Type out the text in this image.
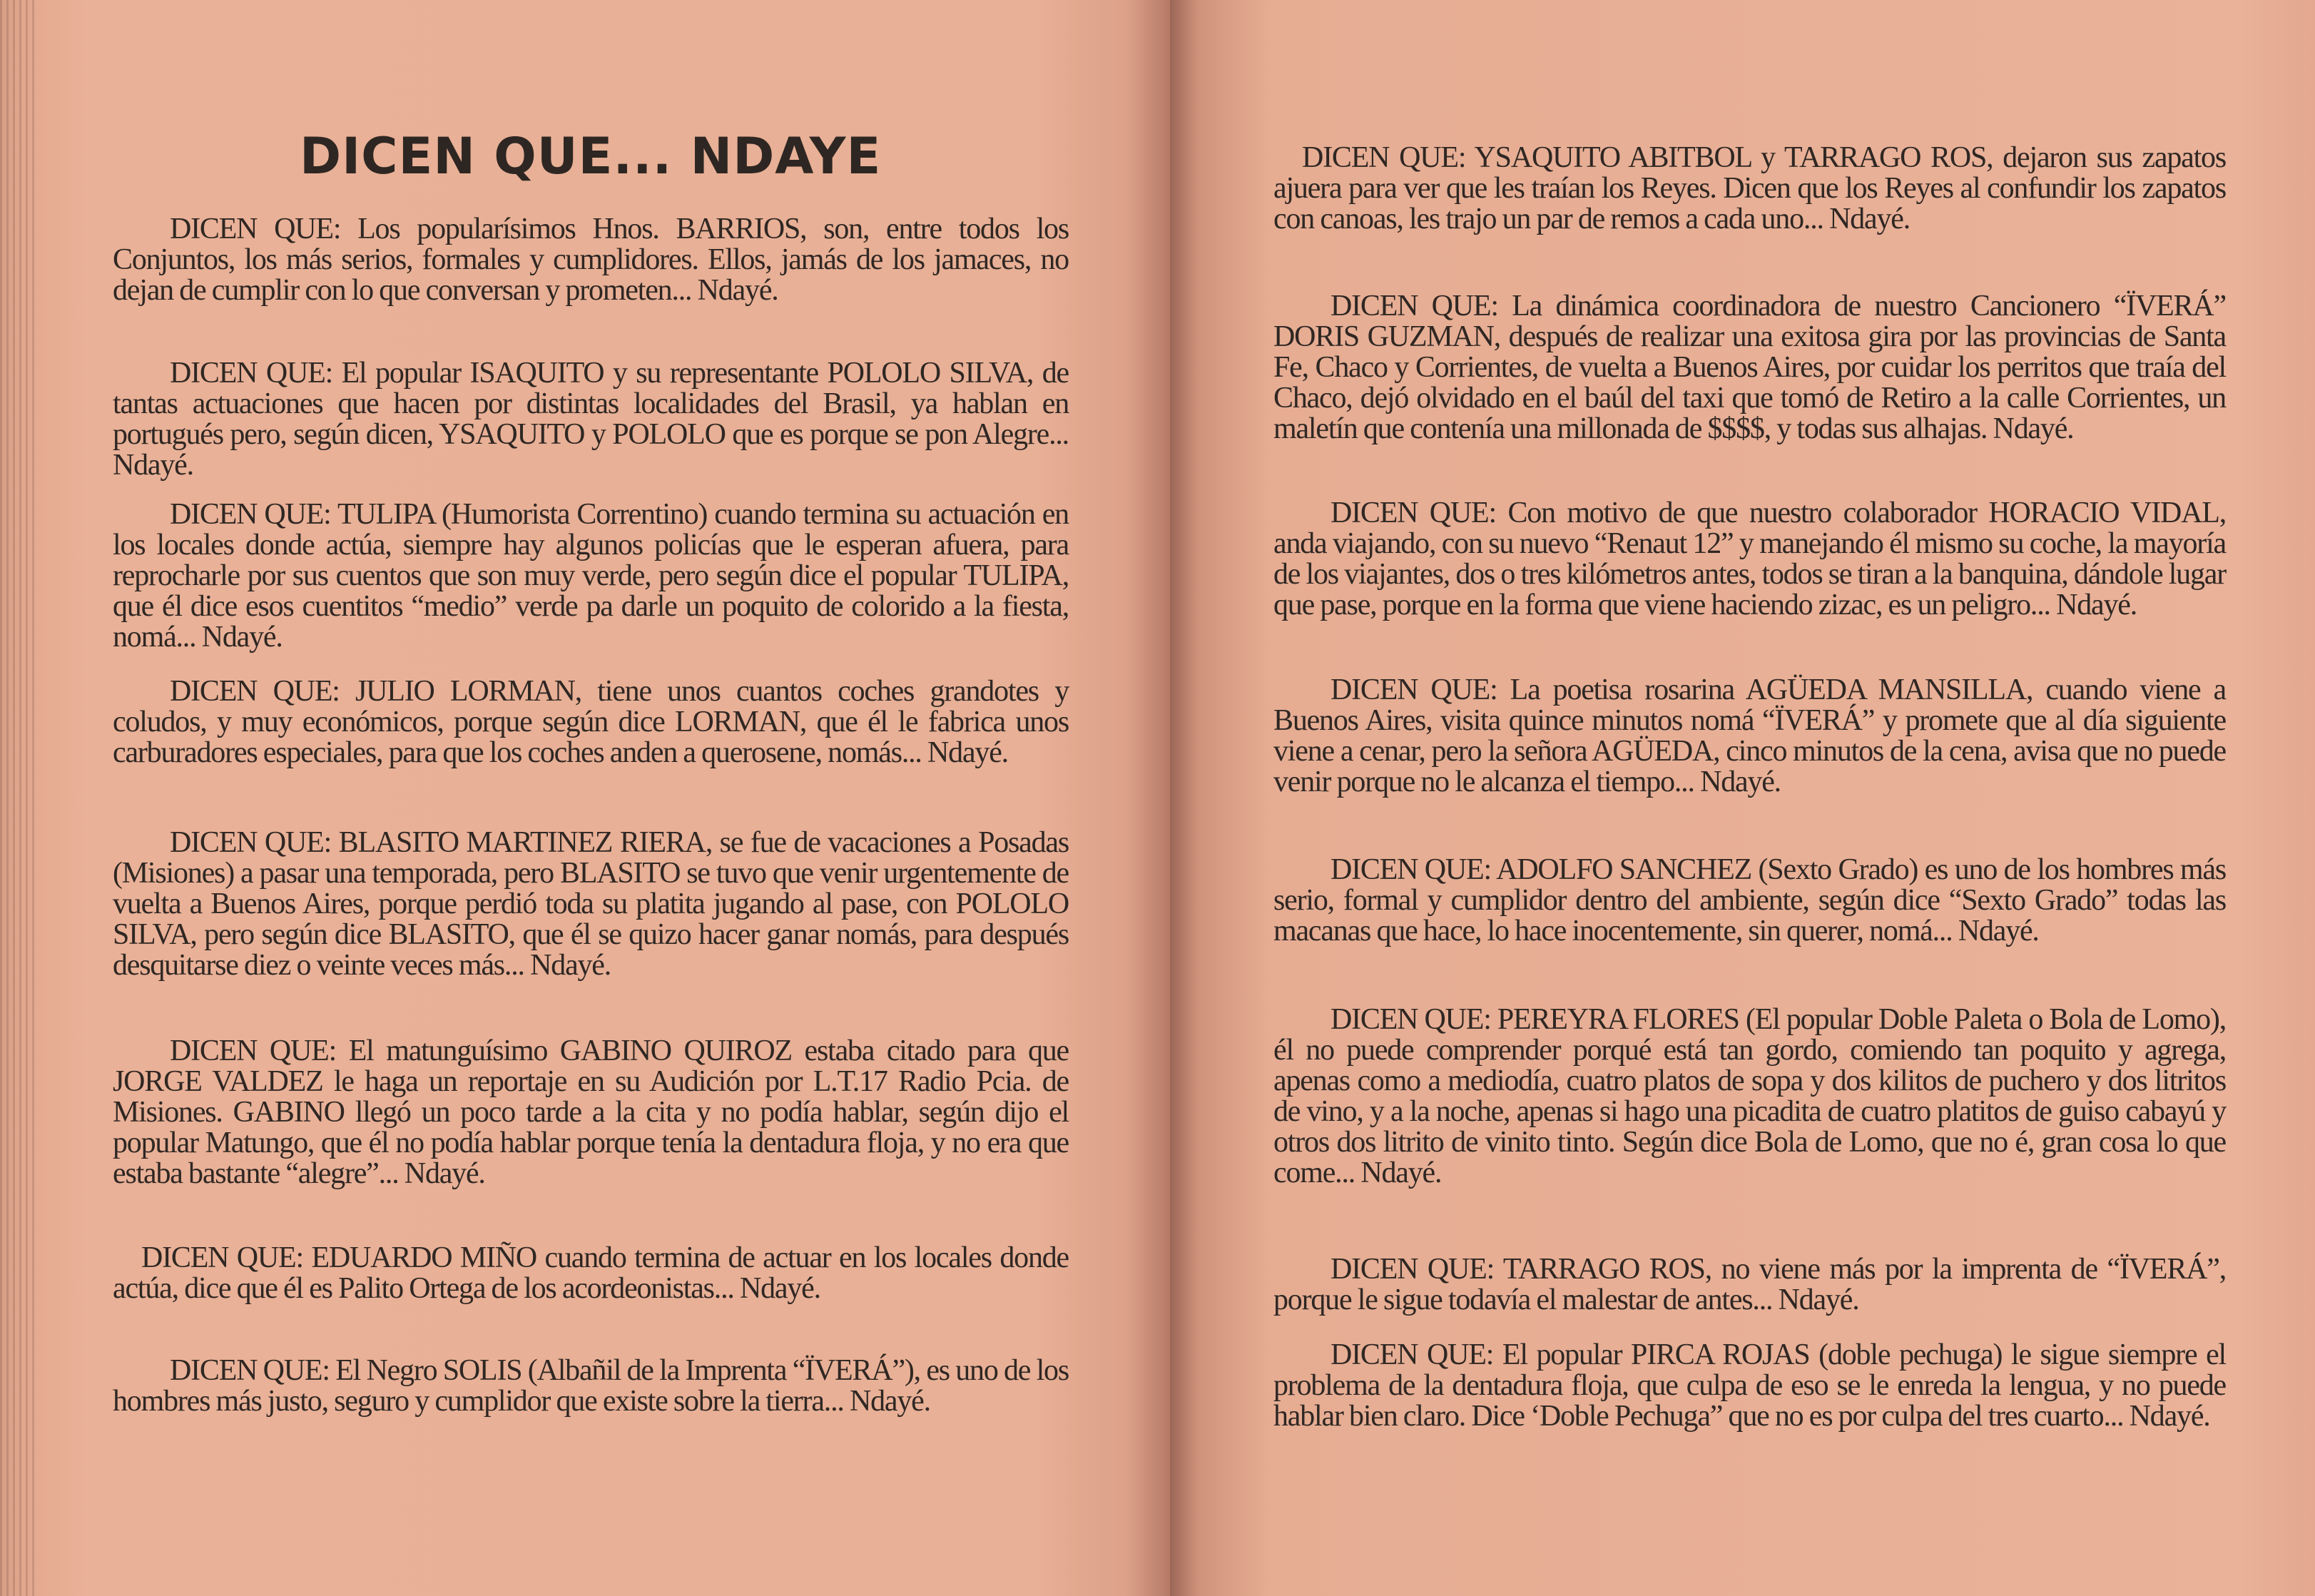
DICEN QUE... NDAYE

DICEN QUE: Los popularísimos Hnos. BARRIOS, son, entre todos los Conjuntos, los más serios, formales y cumplidores. Ellos, jamás de los jamaces, no dejan de cumplir con lo que conversan y prometen... Ndayé.

DICEN QUE: El popular ISAQUITO y su representante POLOLO SILVA, de tantas actuaciones que hacen por distintas localidades del Brasil, ya hablan en portugués pero, según dicen, YSAQUITO y POLOLO que es porque se pon Alegre... Ndayé.

DICEN QUE: TULIPA (Humorista Correntino) cuando termina su actuación en los locales donde actúa, siempre hay algunos policías que le esperan afuera, para reprocharle por sus cuentos que son muy verde, pero según dice el popular TULIPA, que él dice esos cuentitos “medio” verde pa darle un poquito de colorido a la fiesta, nomá... Ndayé.

DICEN QUE: JULIO LORMAN, tiene unos cuantos coches grandotes y coludos, y muy económicos, porque según dice LORMAN, que él le fabrica unos carburadores especiales, para que los coches anden a querosene, nomás... Ndayé.

DICEN QUE: BLASITO MARTINEZ RIERA, se fue de vacaciones a Posadas (Misiones) a pasar una temporada, pero BLASITO se tuvo que venir urgentemente de vuelta a Buenos Aires, porque perdió toda su platita jugando al pase, con POLOLO SILVA, pero según dice BLASITO, que él se quizo hacer ganar nomás, para después desquitarse diez o veinte veces más... Ndayé.

DICEN QUE: El matunguísimo GABINO QUIROZ estaba citado para que JORGE VALDEZ le haga un reportaje en su Audición por L.T.17 Radio Pcia. de Misiones. GABINO llegó un poco tarde a la cita y no podía hablar, según dijo el popular Matungo, que él no podía hablar porque tenía la dentadura floja, y no era que estaba bastante “alegre”... Ndayé.

DICEN QUE: EDUARDO MIÑO cuando termina de actuar en los locales donde actúa, dice que él es Palito Ortega de los acordeonistas... Ndayé.

DICEN QUE: El Negro SOLIS (Albañil de la Imprenta “ÏVERÁ”), es uno de los hombres más justo, seguro y cumplidor que existe sobre la tierra... Ndayé.

DICEN QUE: YSAQUITO ABITBOL y TARRAGO ROS, dejaron sus zapatos ajuera para ver que les traían los Reyes. Dicen que los Reyes al confundir los zapatos con canoas, les trajo un par de remos a cada uno... Ndayé.

DICEN QUE: La dinámica coordinadora de nuestro Cancionero “ÏVERÁ” DORIS GUZMAN, después de realizar una exitosa gira por las provincias de Santa Fe, Chaco y Corrientes, de vuelta a Buenos Aires, por cuidar los perritos que traía del Chaco, dejó olvidado en el baúl del taxi que tomó de Retiro a la calle Corrientes, un maletín que contenía una millonada de $$$$, y todas sus alhajas. Ndayé.

DICEN QUE: Con motivo de que nuestro colaborador HORACIO VIDAL, anda viajando, con su nuevo “Renaut 12” y manejando él mismo su coche, la mayoría de los viajantes, dos o tres kilómetros antes, todos se tiran a la banquina, dándole lugar que pase, porque en la forma que viene haciendo zizac, es un peligro... Ndayé.

DICEN QUE: La poetisa rosarina AGÜEDA MANSILLA, cuando viene a Buenos Aires, visita quince minutos nomá “ÏVERÁ” y promete que al día siguiente viene a cenar, pero la señora AGÜEDA, cinco minutos de la cena, avisa que no puede venir porque no le alcanza el tiempo... Ndayé.

DICEN QUE: ADOLFO SANCHEZ (Sexto Grado) es uno de los hombres más serio, formal y cumplidor dentro del ambiente, según dice “Sexto Grado” todas las macanas que hace, lo hace inocentemente, sin querer, nomá... Ndayé.

DICEN QUE: PEREYRA FLORES (El popular Doble Paleta o Bola de Lomo), él no puede comprender porqué está tan gordo, comiendo tan poquito y agrega, apenas como a mediodía, cuatro platos de sopa y dos kilitos de puchero y dos litritos de vino, y a la noche, apenas si hago una picadita de cuatro platitos de guiso cabayú y otros dos litrito de vinito tinto. Según dice Bola de Lomo, que no é, gran cosa lo que come... Ndayé.

DICEN QUE: TARRAGO ROS, no viene más por la imprenta de “ÏVERÁ”, porque le sigue todavía el malestar de antes... Ndayé.

DICEN QUE: El popular PIRCA ROJAS (doble pechuga) le sigue siempre el problema de la dentadura floja, que culpa de eso se le enreda la lengua, y no puede hablar bien claro. Dice ‘Doble Pechuga” que no es por culpa del tres cuarto... Ndayé.
